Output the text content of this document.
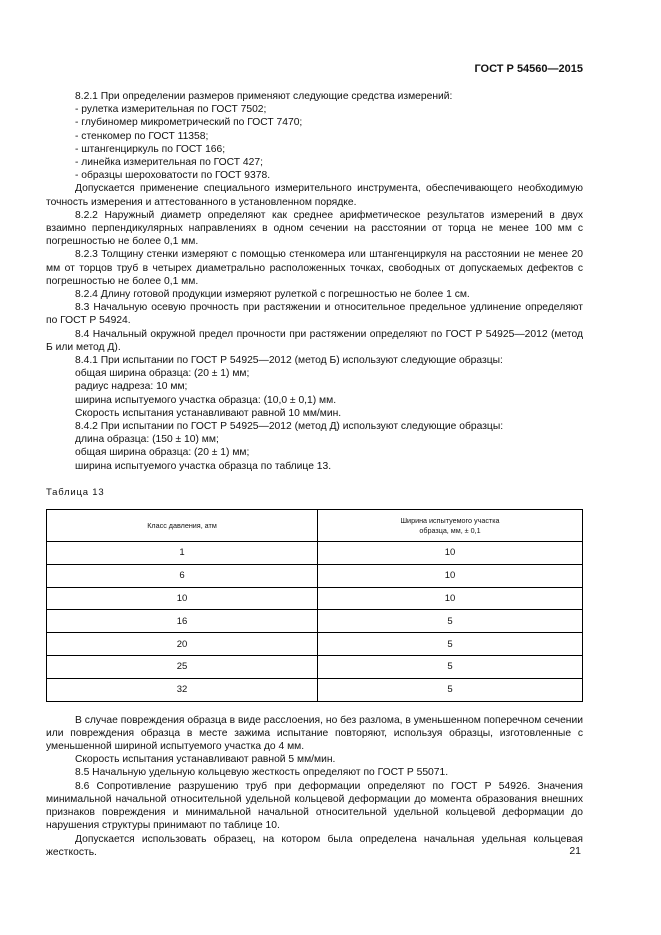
ГОСТ Р 54560—2015

8.2.1 При определении размеров применяют следующие средства измерений:

- рулетка измерительная по ГОСТ 7502;

- глубиномер микрометрический по ГОСТ 7470;

- стенкомер по ГОСТ 11358;

- штангенциркуль по ГОСТ 166;

- линейка измерительная по ГОСТ 427;

- образцы шероховатости по ГОСТ 9378.

Допускается применение специального измерительного инструмента, обеспечивающего необходимую точность измерения и аттестованного в установленном порядке.

8.2.2 Наружный диаметр определяют как среднее арифметическое результатов измерений в двух взаимно перпендикулярных направлениях в одном сечении на расстоянии от торца не менее 100 мм с погрешностью не более 0,1 мм.

8.2.3 Толщину стенки измеряют с помощью стенкомера или штангенциркуля на расстоянии не менее 20 мм от торцов труб в четырех диаметрально расположенных точках, свободных от допускаемых дефектов с погрешностью не более 0,1 мм.

8.2.4 Длину готовой продукции измеряют рулеткой с погрешностью не более 1 см.

8.3 Начальную осевую прочность при растяжении и относительное предельное удлинение определяют по ГОСТ Р 54924.

8.4 Начальный окружной предел прочности при растяжении определяют по ГОСТ Р 54925—2012 (метод Б или метод Д).

8.4.1 При испытании по ГОСТ Р 54925—2012 (метод Б) используют следующие образцы:

общая ширина образца: (20 ± 1) мм;

радиус надреза: 10 мм;

ширина испытуемого участка образца: (10,0 ± 0,1) мм.

Скорость испытания устанавливают равной 10 мм/мин.

8.4.2 При испытании по ГОСТ Р 54925—2012 (метод Д) используют следующие образцы:

длина образца: (150 ± 10) мм;

общая ширина образца: (20 ± 1) мм;

ширина испытуемого участка образца по таблице 13.

Таблица 13

Класс давления, атм	Ширина испытуемого участка
образца, мм, ± 0,1
1	10
6	10
10	10
16	5
20	5
25	5
32	5

В случае повреждения образца в виде расслоения, но без разлома, в уменьшенном поперечном сечении или повреждения образца в месте зажима испытание повторяют, используя образцы, изготовленные с уменьшенной шириной испытуемого участка до 4 мм.

Скорость испытания устанавливают равной 5 мм/мин.

8.5 Начальную удельную кольцевую жесткость определяют по ГОСТ Р 55071.

8.6 Сопротивление разрушению труб при деформации определяют по ГОСТ Р 54926. Значения минимальной начальной относительной удельной кольцевой деформации до момента образования внешних признаков повреждения и минимальной начальной относительной удельной кольцевой деформации до нарушения структуры принимают по таблице 10.

Допускается использовать образец, на котором была определена начальная удельная кольцевая жесткость.	21
